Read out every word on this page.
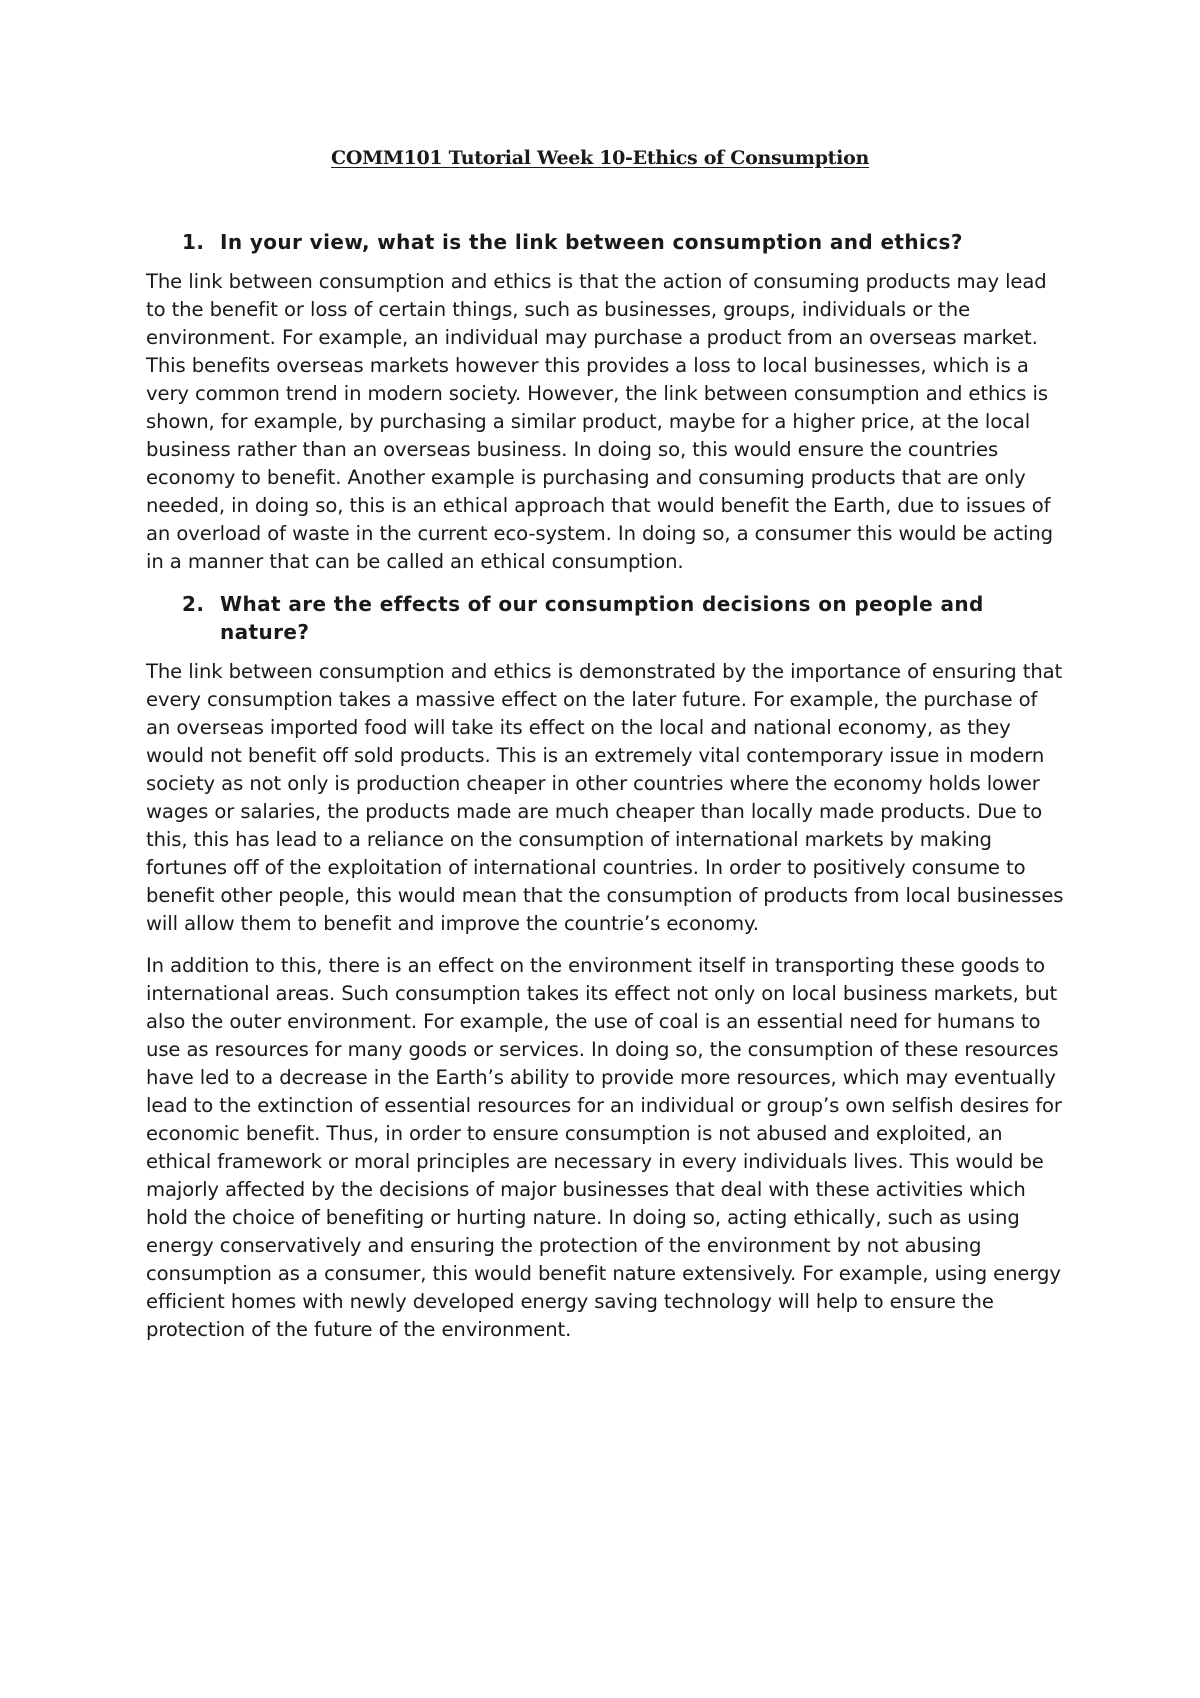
COMM101 Tutorial Week 10-Ethics of Consumption
1. In your view, what is the link between consumption and ethics?

The link between consumption and ethics is that the action of consuming products may lead to the benefit or loss of certain things, such as businesses, groups, individuals or the environment. For example, an individual may purchase a product from an overseas market. This benefits overseas markets however this provides a loss to local businesses, which is a very common trend in modern society. However, the link between consumption and ethics is shown, for example, by purchasing a similar product, maybe for a higher price, at the local business rather than an overseas business. In doing so, this would ensure the countries economy to benefit. Another example is purchasing and consuming products that are only needed, in doing so, this is an ethical approach that would benefit the Earth, due to issues of an overload of waste in the current eco-system. In doing so, a consumer this would be acting in a manner that can be called an ethical consumption.

2. What are the effects of our consumption decisions on people and nature?

The link between consumption and ethics is demonstrated by the importance of ensuring that every consumption takes a massive effect on the later future. For example, the purchase of an overseas imported food will take its effect on the local and national economy, as they would not benefit off sold products. This is an extremely vital contemporary issue in modern society as not only is production cheaper in other countries where the economy holds lower wages or salaries, the products made are much cheaper than locally made products. Due to this, this has lead to a reliance on the consumption of international markets by making fortunes off of the exploitation of international countries. In order to positively consume to benefit other people, this would mean that the consumption of products from local businesses will allow them to benefit and improve the countrie’s economy.

In addition to this, there is an effect on the environment itself in transporting these goods to international areas. Such consumption takes its effect not only on local business markets, but also the outer environment. For example, the use of coal is an essential need for humans to use as resources for many goods or services. In doing so, the consumption of these resources have led to a decrease in the Earth’s ability to provide more resources, which may eventually lead to the extinction of essential resources for an individual or group’s own selfish desires for economic benefit. Thus, in order to ensure consumption is not abused and exploited, an ethical framework or moral principles are necessary in every individuals lives. This would be majorly affected by the decisions of major businesses that deal with these activities which hold the choice of benefiting or hurting nature. In doing so, acting ethically, such as using energy conservatively and ensuring the protection of the environment by not abusing consumption as a consumer, this would benefit nature extensively. For example, using energy efficient homes with newly developed energy saving technology will help to ensure the protection of the future of the environment.
